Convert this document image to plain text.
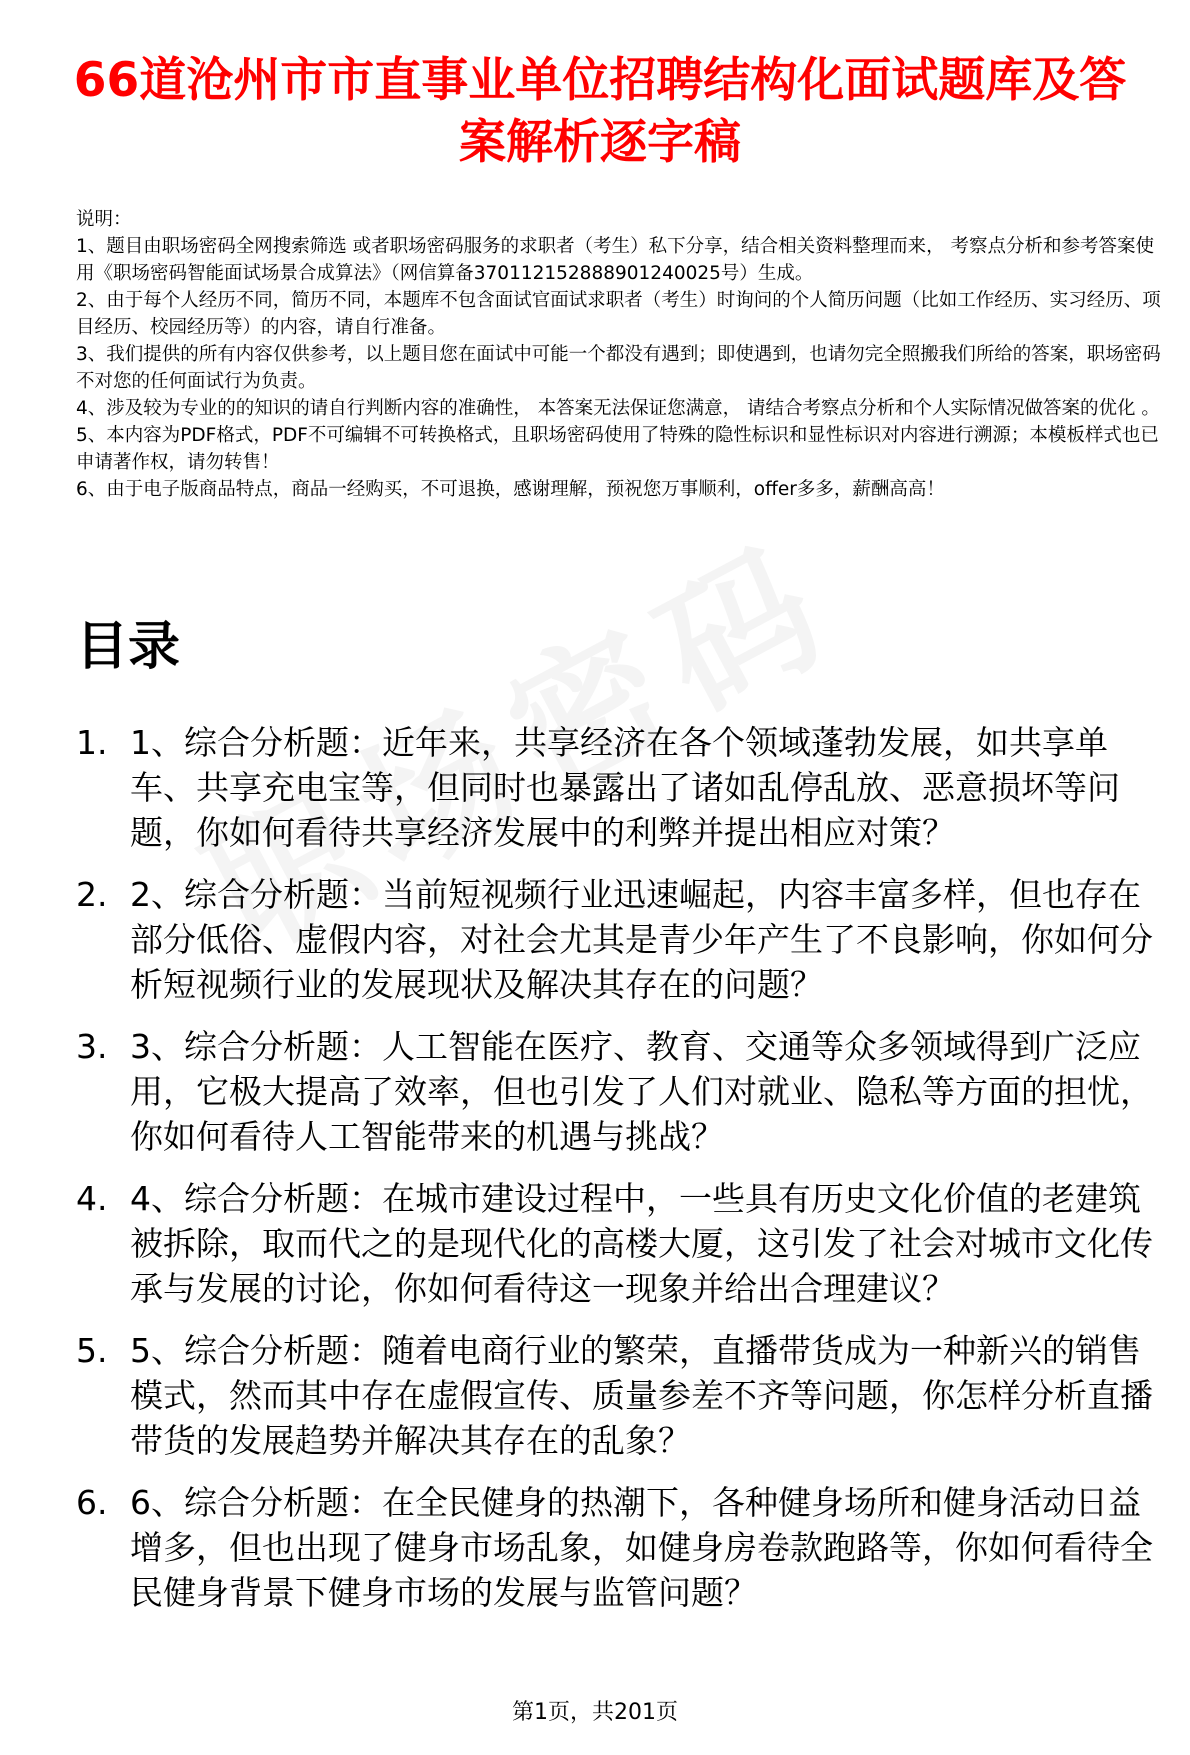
66道沧州市市直事业单位招聘结构化面试题库及答案解析逐字稿

说明：

1、题目由职场密码全网搜索筛选 或者职场密码服务的求职者（考生）私下分享，结合相关资料整理而来， 考察点分析和参考答案使用《职场密码智能面试场景合成算法》（网信算备370112152888901240025号）生成。

2、由于每个人经历不同，简历不同，本题库不包含面试官面试求职者（考生）时询问的个人简历问题（比如工作经历、实习经历、项目经历、校园经历等）的内容，请自行准备。

3、我们提供的所有内容仅供参考，以上题目您在面试中可能一个都没有遇到；即使遇到，也请勿完全照搬我们所给的答案，职场密码不对您的任何面试行为负责。

4、涉及较为专业的的知识的请自行判断内容的准确性， 本答案无法保证您满意， 请结合考察点分析和个人实际情况做答案的优化 。

5、本内容为PDF格式，PDF不可编辑不可转换格式，且职场密码使用了特殊的隐性标识和显性标识对内容进行溯源；本模板样式也已申请著作权，请勿转售！

6、由于电子版商品特点，商品一经购买，不可退换，感谢理解，预祝您万事顺利，offer多多，薪酬高高！

目录
1. 1、综合分析题：近年来，共享经济在各个领域蓬勃发展，如共享单车、共享充电宝等，但同时也暴露出了诸如乱停乱放、恶意损坏等问题，你如何看待共享经济发展中的利弊并提出相应对策？
2. 2、综合分析题：当前短视频行业迅速崛起，内容丰富多样，但也存在部分低俗、虚假内容，对社会尤其是青少年产生了不良影响，你如何分析短视频行业的发展现状及解决其存在的问题？
3. 3、综合分析题：人工智能在医疗、教育、交通等众多领域得到广泛应用，它极大提高了效率，但也引发了人们对就业、隐私等方面的担忧，你如何看待人工智能带来的机遇与挑战？
4. 4、综合分析题：在城市建设过程中，一些具有历史文化价值的老建筑被拆除，取而代之的是现代化的高楼大厦，这引发了社会对城市文化传承与发展的讨论，你如何看待这一现象并给出合理建议？
5. 5、综合分析题：随着电商行业的繁荣，直播带货成为一种新兴的销售模式，然而其中存在虚假宣传、质量参差不齐等问题，你怎样分析直播带货的发展趋势并解决其存在的乱象？
6. 6、综合分析题：在全民健身的热潮下，各种健身场所和健身活动日益增多，但也出现了健身市场乱象，如健身房卷款跑路等，你如何看待全民健身背景下健身市场的发展与监管问题？
第1页，共201页
